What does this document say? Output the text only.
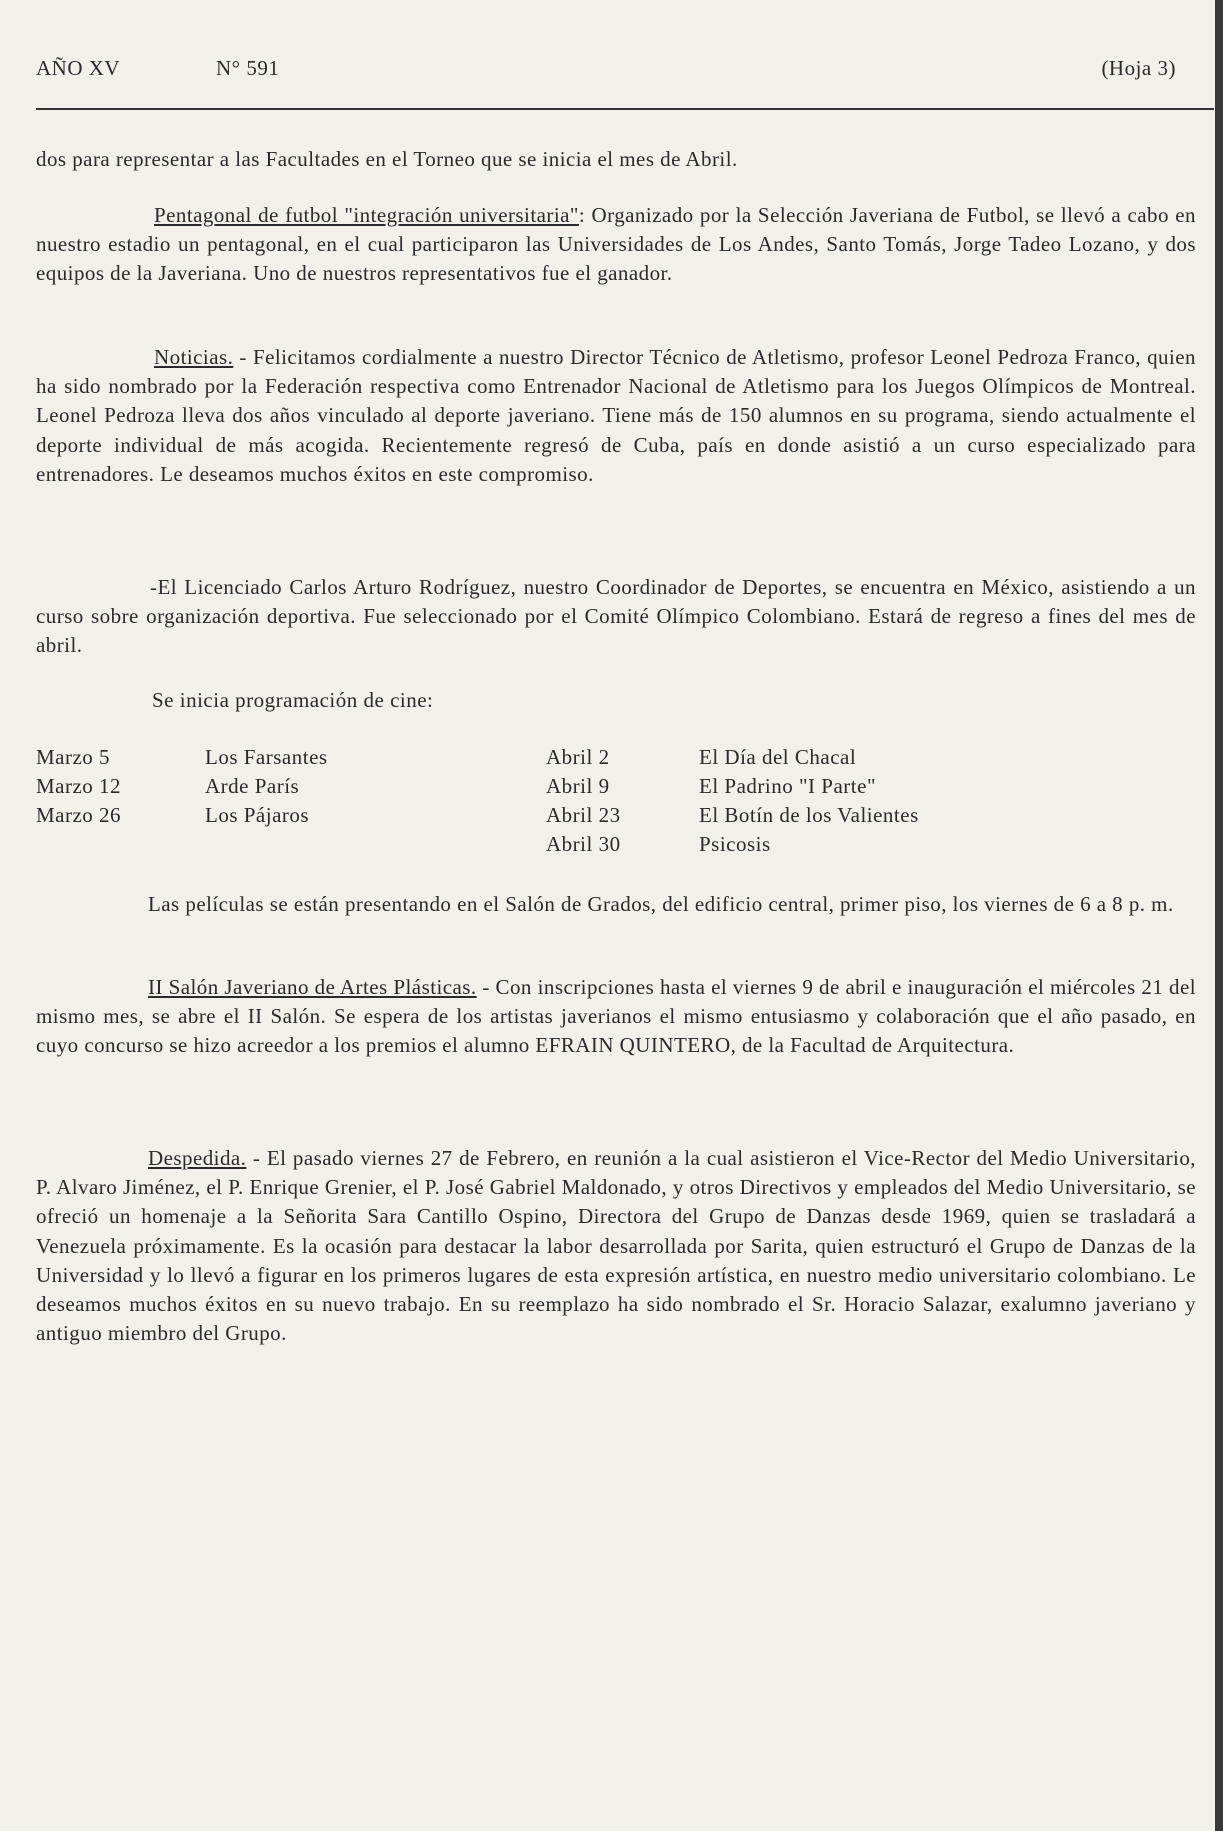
AÑO XV	N° 591	(Hoja 3)

dos para representar a las Facultades en el Torneo que se inicia el mes de Abril.

Pentagonal de futbol "integración universitaria": Organizado por la Selección Javeriana de Futbol, se llevó a cabo en nuestro estadio un pentagonal, en el cual participaron las Universidades de Los Andes, Santo Tomás, Jorge Tadeo Lozano, y dos equipos de la Javeriana. Uno de nuestros representativos fue el ganador.

Noticias. - Felicitamos cordialmente a nuestro Director Técnico de Atletismo, profesor Leonel Pedroza Franco, quien ha sido nombrado por la Federación respectiva como Entrenador Nacional de Atletismo para los Juegos Olímpicos de Montreal. Leonel Pedroza lleva dos años vinculado al deporte javeriano. Tiene más de 150 alumnos en su programa, siendo actualmente el deporte individual de más acogida. Recientemente regresó de Cuba, país en donde asistió a un curso especializado para entrenadores. Le deseamos muchos éxitos en este compromiso.

-El Licenciado Carlos Arturo Rodríguez, nuestro Coordinador de Deportes, se encuentra en México, asistiendo a un curso sobre organización deportiva. Fue seleccionado por el Comité Olímpico Colombiano. Estará de regreso a fines del mes de abril.

Se inicia programación de cine:
Marzo 5	Los Farsantes
Marzo 12	Arde París
Marzo 26	Los Pájaros
Abril 2	El Día del Chacal
Abril 9	El Padrino "I Parte"
Abril 23	El Botín de los Valientes
Abril 30	Psicosis

Las películas se están presentando en el Salón de Grados, del edificio central, primer piso, los viernes de 6 a 8 p. m.

II Salón Javeriano de Artes Plásticas. - Con inscripciones hasta el viernes 9 de abril e inauguración el miércoles 21 del mismo mes, se abre el II Salón. Se espera de los artistas javerianos el mismo entusiasmo y colaboración que el año pasado, en cuyo concurso se hizo acreedor a los premios el alumno EFRAIN QUINTERO, de la Facultad de Arquitectura.

Despedida. - El pasado viernes 27 de Febrero, en reunión a la cual asistieron el Vice-Rector del Medio Universitario, P. Alvaro Jiménez, el P. Enrique Grenier, el P. José Gabriel Maldonado, y otros Directivos y empleados del Medio Universitario, se ofreció un homenaje a la Señorita Sara Cantillo Ospino, Directora del Grupo de Danzas desde 1969, quien se trasladará a Venezuela próximamente. Es la ocasión para destacar la labor desarrollada por Sarita, quien estructuró el Grupo de Danzas de la Universidad y lo llevó a figurar en los primeros lugares de esta expresión artística, en nuestro medio universitario colombiano. Le deseamos muchos éxitos en su nuevo trabajo. En su reemplazo ha sido nombrado el Sr. Horacio Salazar, exalumno javeriano y antiguo miembro del Grupo.
